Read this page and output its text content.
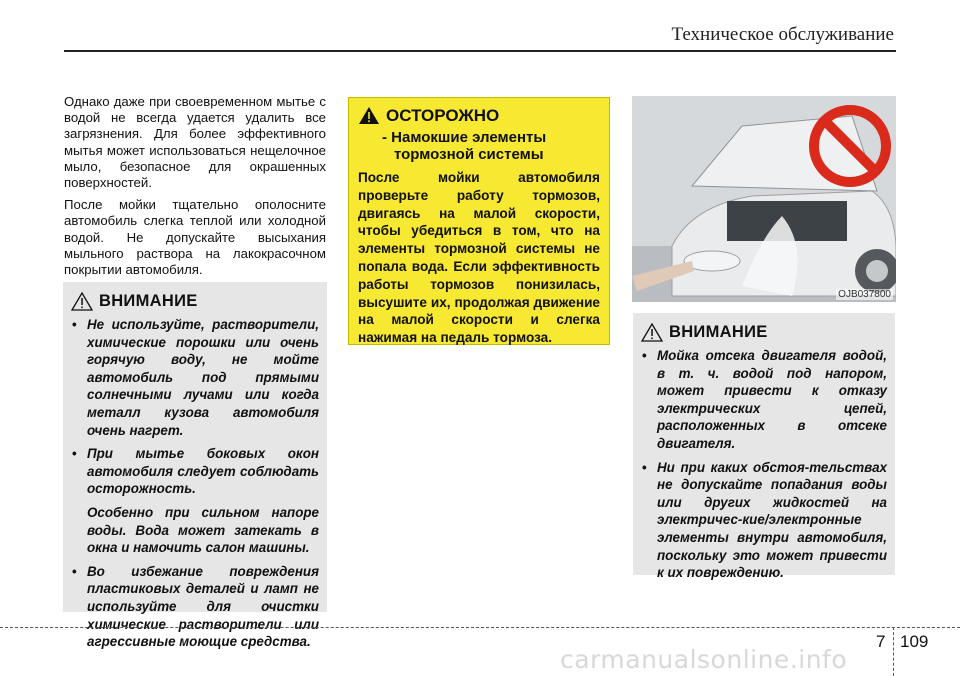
Техническое обслуживание

Однако даже при своевременном мытье с водой не всегда удается удалить все загрязнения. Для более эффективного мытья может использоваться нещелочное мыло, безопасное для окрашенных поверхностей.

После мойки тщательно ополосните автомобиль слегка теплой или холодной водой. Не допускайте высыхания мыльного раствора на лакокрасочном покрытии автомобиля.

ВНИМАНИЕ
• Не используйте, растворители, химические порошки или очень горячую воду, не мойте автомобиль под прямыми солнечными лучами или когда металл кузова автомобиля очень нагрет.

• При мытье боковых окон автомобиля следует соблюдать осторожность.

Особенно при сильном напоре воды. Вода может затекать в окна и намочить салон машины.

• Во избежание повреждения пластиковых деталей и ламп не используйте для очистки химические растворители или агрессивные моющие средства.

ОСТОРОЖНО
- Намокшие элементы тормозной системы
После мойки автомобиля проверьте работу тормозов, двигаясь на малой скорости, чтобы убедиться в том, что на элементы тормозной системы не попала вода. Если эффективность работы тормозов понизилась, высушите их, продолжая движение на малой скорости и слегка нажимая на педаль тормоза.
OJB037800
ВНИМАНИЕ
• Мойка отсека двигателя водой, в т. ч. водой под напором, может привести к отказу электрических цепей, расположенных в отсеке двигателя.

• Ни при каких обстоя-тельствах не допускайте попадания воды или других жидкостей на электричес-кие/электронные элементы внутри автомобиля, поскольку это может привести к их повреждению.

7 109
carmanualsonline.info
